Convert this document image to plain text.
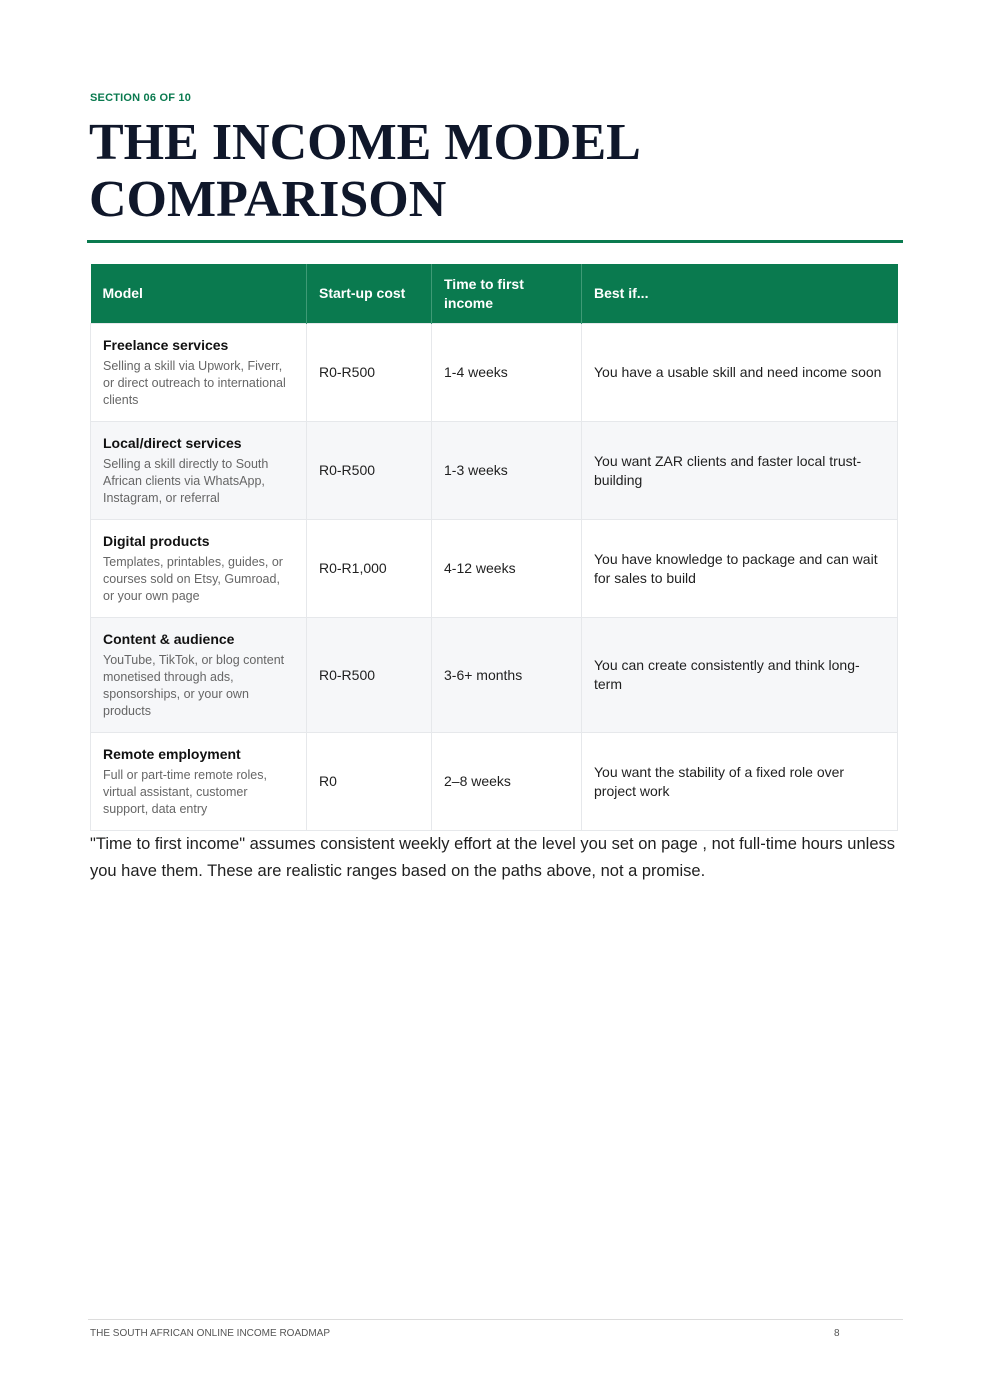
SECTION 06 OF 10
THE INCOME MODEL COMPARISON
Model	Start-up cost	Time to first income	Best if...

Freelance services
Selling a skill via Upwork, Fiverr, or direct outreach to international clients	R0-R500	1-4 weeks	You have a usable skill and need income soon

Local/direct services
Selling a skill directly to South African clients via WhatsApp, Instagram, or referral	R0-R500	1-3 weeks	You want ZAR clients and faster local trust-building

Digital products
Templates, printables, guides, or courses sold on Etsy, Gumroad, or your own page	R0-R1,000	4-12 weeks	You have knowledge to package and can wait for sales to build

Content & audience
YouTube, TikTok, or blog content monetised through ads, sponsorships, or your own products	R0-R500	3-6+ months	You can create consistently and think long-term

Remote employment
Full or part-time remote roles, virtual assistant, customer support, data entry	R0	2–8 weeks	You want the stability of a fixed role over project work

"Time to first income" assumes consistent weekly effort at the level you set on page , not full-time hours unless you have them. These are realistic ranges based on the paths above, not a promise.

THE SOUTH AFRICAN ONLINE INCOME ROADMAP	8
